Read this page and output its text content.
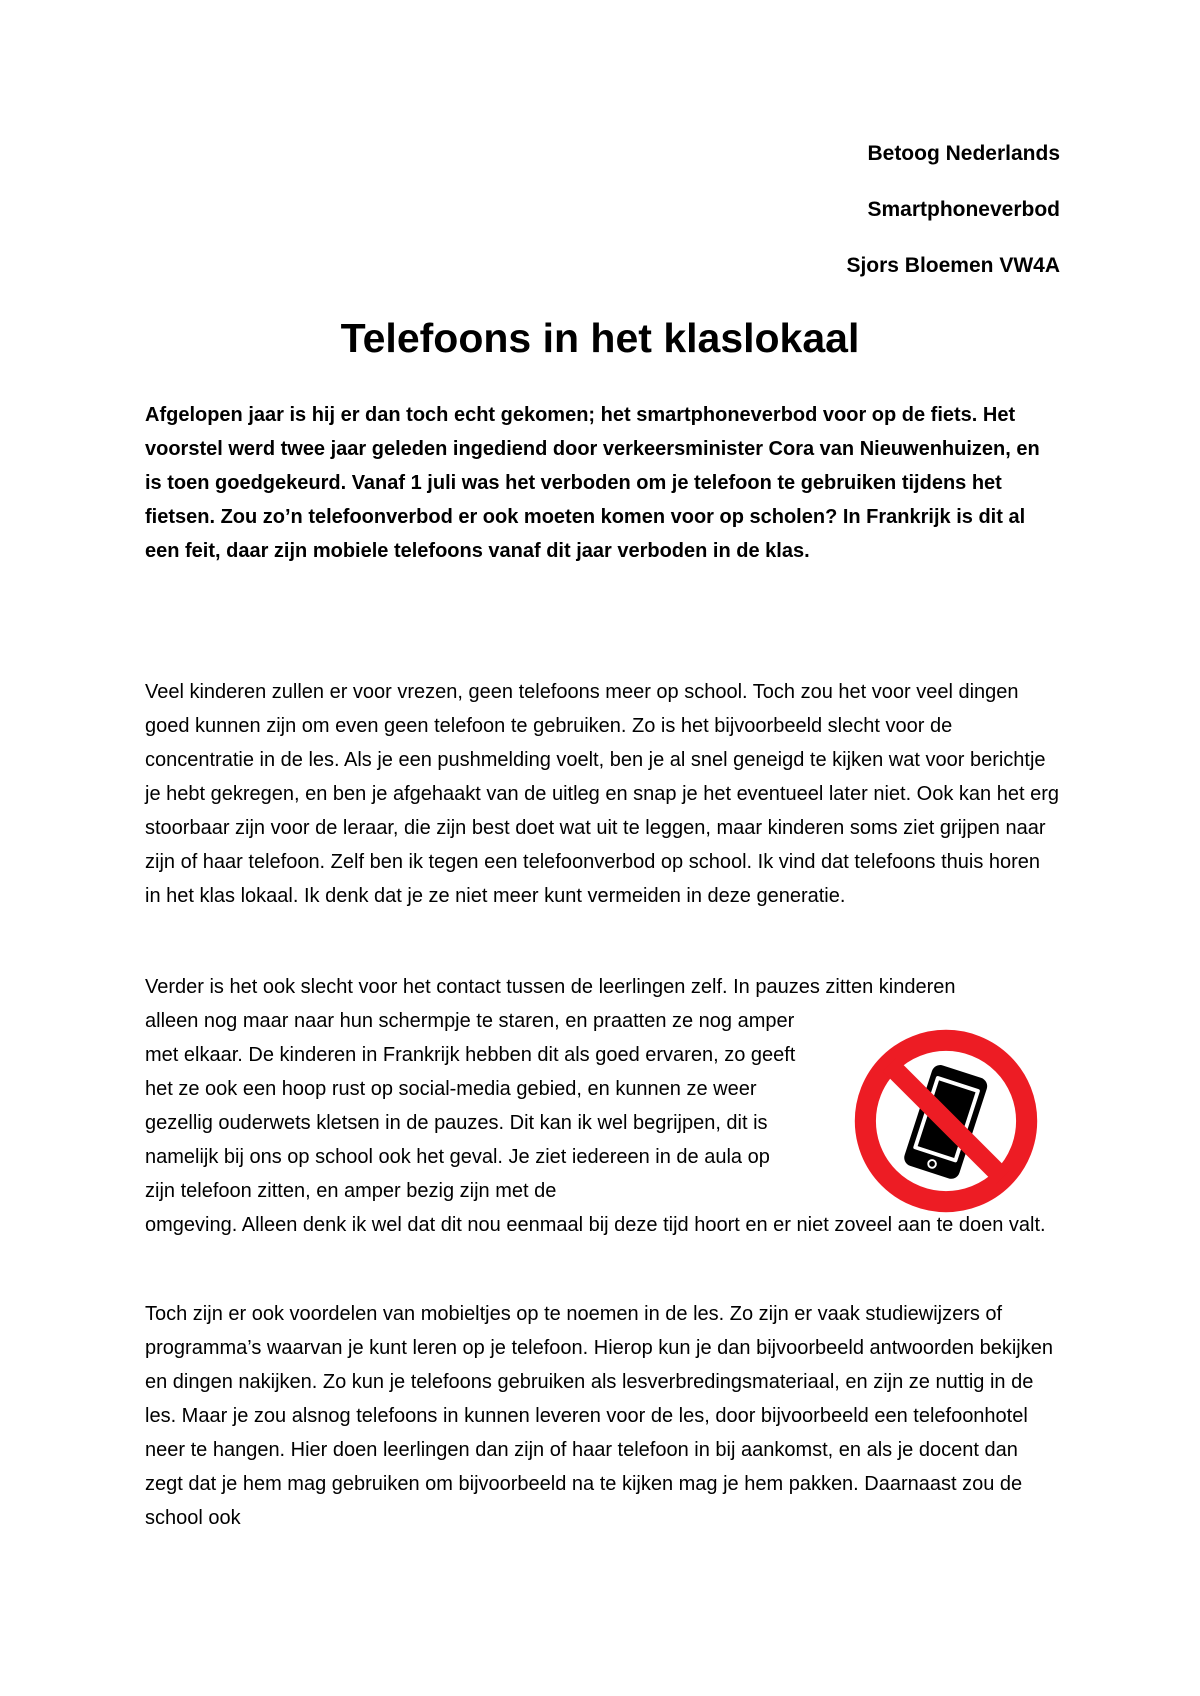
Betoog Nederlands
Smartphoneverbod
Sjors Bloemen VW4A
Telefoons in het klaslokaal

Afgelopen jaar is hij er dan toch echt gekomen; het smartphoneverbod voor op de fiets. Het voorstel werd twee jaar geleden ingediend door verkeersminister Cora van Nieuwenhuizen, en is toen goedgekeurd. Vanaf 1 juli was het verboden om je telefoon te gebruiken tijdens het fietsen. Zou zo’n telefoonverbod er ook moeten komen voor op scholen? In Frankrijk is dit al een feit, daar zijn mobiele telefoons vanaf dit jaar verboden in de klas.

Veel kinderen zullen er voor vrezen, geen telefoons meer op school. Toch zou het voor veel dingen goed kunnen zijn om even geen telefoon te gebruiken. Zo is het bijvoorbeeld slecht voor de concentratie in de les. Als je een pushmelding voelt, ben je al snel geneigd te kijken wat voor berichtje je hebt gekregen, en ben je afgehaakt van de uitleg en snap je het eventueel later niet. Ook kan het erg stoorbaar zijn voor de leraar, die zijn best doet wat uit te leggen, maar kinderen soms ziet grijpen naar zijn of haar telefoon. Zelf ben ik tegen een telefoonverbod op school. Ik vind dat telefoons thuis horen in het klas lokaal. Ik denk dat je ze niet meer kunt vermeiden in deze generatie.

Verder is het ook slecht voor het contact tussen de leerlingen zelf. In pauzes zitten kinderen
alleen nog maar naar hun schermpje te staren, en praatten ze nog amper met elkaar. De kinderen in Frankrijk hebben dit als goed ervaren, zo geeft het ze ook een hoop rust op social-media gebied, en kunnen ze weer gezellig ouderwets kletsen in de pauzes. Dit kan ik wel begrijpen, dit is namelijk bij ons op school ook het geval. Je ziet iedereen in de aula op zijn telefoon zitten, en amper bezig zijn met de
omgeving. Alleen denk ik wel dat dit nou eenmaal bij deze tijd hoort en er niet zoveel aan te doen valt.

Toch zijn er ook voordelen van mobieltjes op te noemen in de les. Zo zijn er vaak studiewijzers of programma’s waarvan je kunt leren op je telefoon. Hierop kun je dan bijvoorbeeld antwoorden bekijken en dingen nakijken. Zo kun je telefoons gebruiken als lesverbredingsmateriaal, en zijn ze nuttig in de les. Maar je zou alsnog telefoons in kunnen leveren voor de les, door bijvoorbeeld een telefoonhotel neer te hangen. Hier doen leerlingen dan zijn of haar telefoon in bij aankomst, en als je docent dan zegt dat je hem mag gebruiken om bijvoorbeeld na te kijken mag je hem pakken. Daarnaast zou de school ook
